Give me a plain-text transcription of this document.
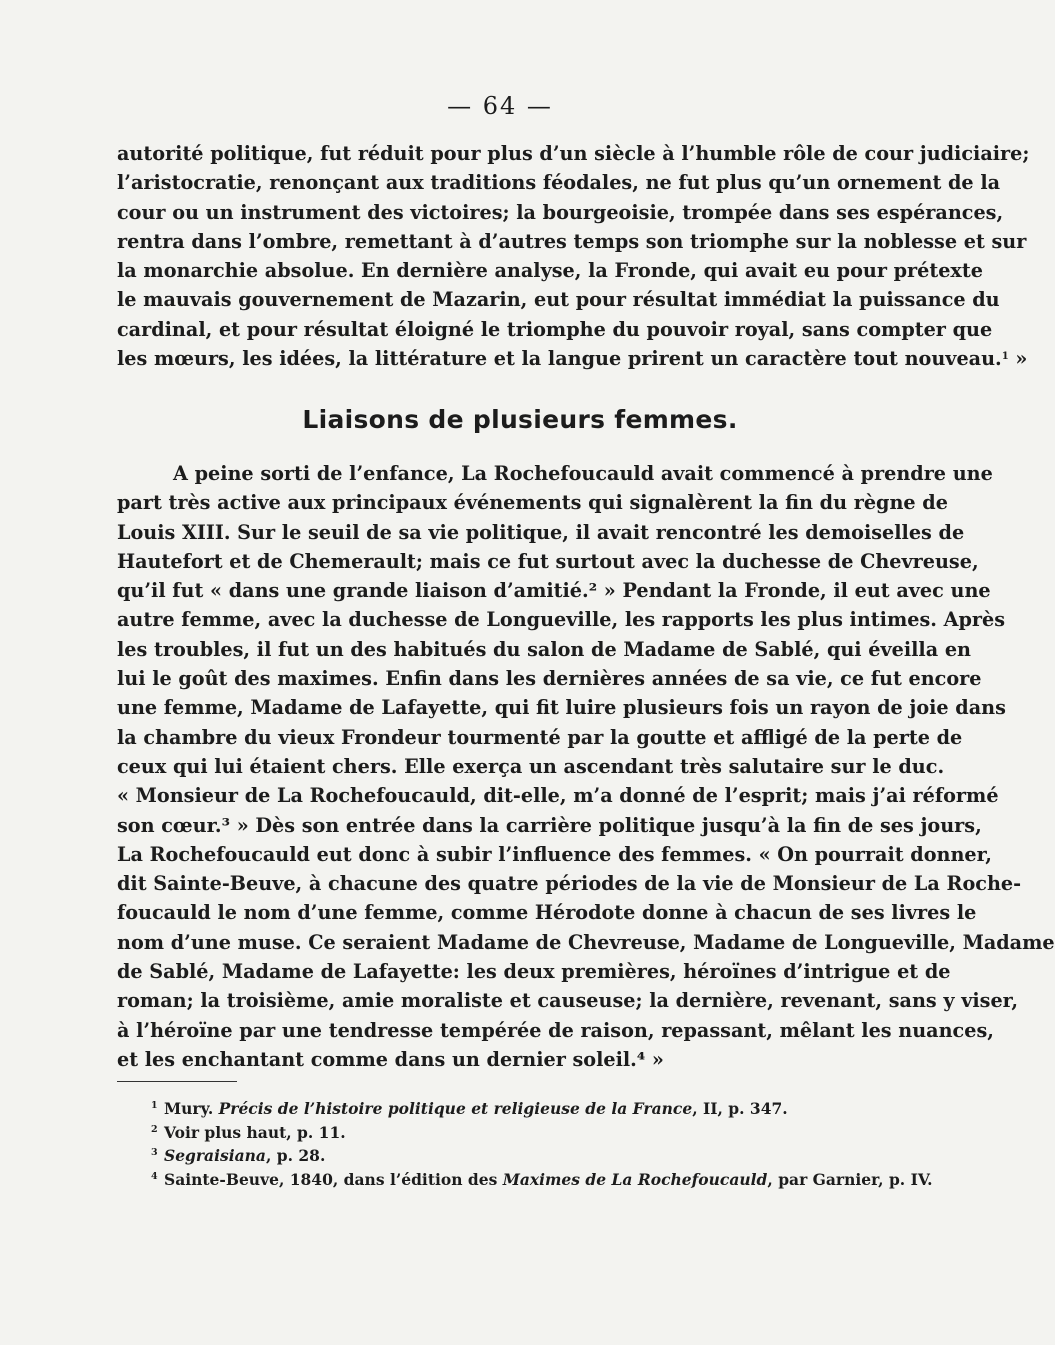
— 64 —
autorité politique, fut réduit pour plus d’un siècle à l’humble rôle de cour judiciaire;
l’aristocratie, renonçant aux traditions féodales, ne fut plus qu’un ornement de la
cour ou un instrument des victoires; la bourgeoisie, trompée dans ses espérances,
rentra dans l’ombre, remettant à d’autres temps son triomphe sur la noblesse et sur
la monarchie absolue. En dernière analyse, la Fronde, qui avait eu pour prétexte
le mauvais gouvernement de Mazarin, eut pour résultat immédiat la puissance du
cardinal, et pour résultat éloigné le triomphe du pouvoir royal, sans compter que
les mœurs, les idées, la littérature et la langue prirent un caractère tout nouveau.$^1$ »
Liaisons de plusieurs femmes.
A peine sorti de l’enfance, La Rochefoucauld avait commencé à prendre une
part très active aux principaux événements qui signalèrent la fin du règne de
Louis XIII. Sur le seuil de sa vie politique, il avait rencontré les demoiselles de
Hautefort et de Chemerault; mais ce fut surtout avec la duchesse de Chevreuse,
qu’il fut « dans une grande liaison d’amitié.² » Pendant la Fronde, il eut avec une
autre femme, avec la duchesse de Longueville, les rapports les plus intimes. Après
les troubles, il fut un des habitués du salon de Madame de Sablé, qui éveilla en
lui le goût des maximes. Enfin dans les dernières années de sa vie, ce fut encore
une femme, Madame de Lafayette, qui fit luire plusieurs fois un rayon de joie dans
la chambre du vieux Frondeur tourmenté par la goutte et affligé de la perte de
ceux qui lui étaient chers. Elle exerça un ascendant très salutaire sur le duc.
« Monsieur de La Rochefoucauld, dit-elle, m’a donné de l’esprit; mais j’ai réformé
son cœur.³ » Dès son entrée dans la carrière politique jusqu’à la fin de ses jours,
La Rochefoucauld eut donc à subir l’influence des femmes. « On pourrait donner,
dit Sainte-Beuve, à chacune des quatre périodes de la vie de Monsieur de La Roche-
foucauld le nom d’une femme, comme Hérodote donne à chacun de ses livres le
nom d’une muse. Ce seraient Madame de Chevreuse, Madame de Longueville, Madame
de Sablé, Madame de Lafayette: les deux premières, héroïnes d’intrigue et de
roman; la troisième, amie moraliste et causeuse; la dernière, revenant, sans y viser,
à l’héroïne par une tendresse tempérée de raison, repassant, mêlant les nuances,
et les enchantant comme dans un dernier soleil.⁴ »
1 Mury. Précis de l’histoire politique et religieuse de la France, II, p. 347.
2 Voir plus haut, p. 11.
3 Segraisiana, p. 28.
4 Sainte-Beuve, 1840, dans l’édition des Maximes de La Rochefoucauld, par Garnier, p. IV.
